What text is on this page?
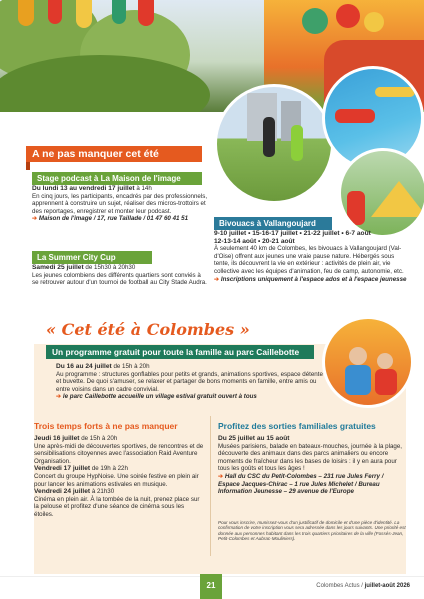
A ne pas manquer cet été
Stage podcast à La Maison de l'image
Du lundi 13 au vendredi 17 juillet à 14h
En cinq jours, les participants, encadrés par des professionnels, apprennent à construire un sujet, réaliser des micros-trottoirs et des reportages, enregistrer et monter leur podcast.
➔ Maison de l'image / 17, rue Taillade / 01 47 60 41 51
La Summer City Cup
Samedi 25 juillet de 15h30 à 20h30
Les jeunes colombiens des différents quartiers sont conviés à se retrouver autour d'un tournoi de football au City Stade Audra.
Bivouacs à Vallangoujard
9-10 juillet • 15-16-17 juillet • 21-22 juillet • 6-7 août
12-13-14 août • 20-21 août
À seulement 40 km de Colombes, les bivouacs à Vallangoujard (Val-d'Oise) offrent aux jeunes une vraie pause nature. Hébergés sous tente, ils découvrent la vie en extérieur : activités de plein air, vie collective avec les équipes d'animation, feu de camp, autonomie, etc.
➔ Inscriptions uniquement à l'espace ados et à l'espace jeunesse
« Cet été à Colombes »
Un programme gratuit pour toute la famille au parc Caillebotte
Du 16 au 24 juillet de 15h à 20h
Au programme : structures gonflables pour petits et grands, animations sportives, espace détente et buvette. De quoi s'amuser, se relaxer et partager de bons moments en famille, entre amis ou entre voisins dans un cadre convivial.
➔ le parc Caillebotte accueille un village estival gratuit ouvert à tous
Trois temps forts à ne pas manquer
Jeudi 16 juillet de 15h à 20h
Une après-midi de découvertes sportives, de rencontres et de sensibilisations citoyennes avec l'association Raid Aventure Organisation.
Vendredi 17 juillet de 19h à 22h
Concert du groupe HypNoise. Une soirée festive en plein air pour lancer les animations estivales en musique.
Vendredi 24 juillet à 21h30
Cinéma en plein air. À la tombée de la nuit, prenez place sur la pelouse et profitez d'une séance de cinéma sous les étoiles.
Profitez des sorties familiales gratuites
Du 25 juillet au 15 août
Musées parisiens, balade en bateaux-mouches, journée à la plage, découverte des animaux dans des parcs animaliers ou encore moments de fraîcheur dans les bases de loisirs : il y en aura pour tous les goûts et tous les âges !
➔ Hall du CSC du Petit-Colombes – 231 rue Jules Ferry / Espace Jacques-Chirac – 1 rue Jules Michelet / Bureau Information Jeunesse – 29 avenue de l'Europe
Pour vous inscrire, munissez-vous d'un justificatif de domicile et d'une pièce d'identité. La confirmation de votre inscription vous sera adressée dans les jours suivants. Une priorité est donnée aux personnes habitant dans les trois quartiers prioritaires de la ville (Fossés-Jean, Petit-Colombes et Aubrac-Mouliniers).
21	Colombes Actus / juillet-août 2026
